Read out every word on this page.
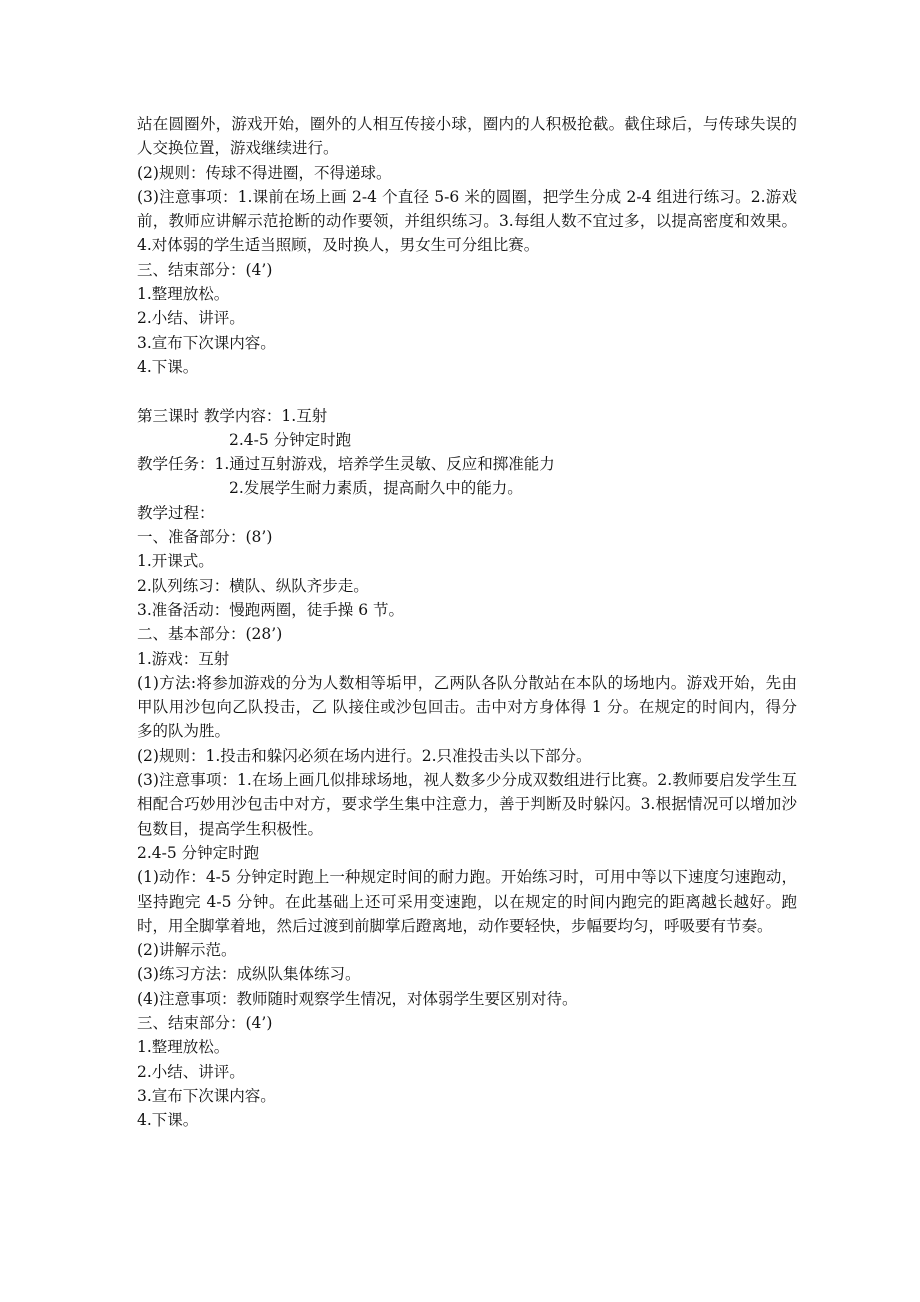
站在圆圈外，游戏开始，圈外的人相互传接小球，圈内的人积极抢截。截住球后，与传球失误的人交换位置，游戏继续进行。

(2)规则：传球不得进圈，不得递球。

(3)注意事项：1.课前在场上画 2-4 个直径 5-6 米的圆圈，把学生分成 2-4 组进行练习。2.游戏前，教师应讲解示范抢断的动作要领，并组织练习。3.每组人数不宜过多，以提高密度和效果。4.对体弱的学生适当照顾，及时换人，男女生可分组比赛。

三、结束部分：(4’)

1.整理放松。

2.小结、讲评。

3.宣布下次课内容。

4.下课。

第三课时 教学内容：1.互射

2.4-5 分钟定时跑

教学任务：1.通过互射游戏，培养学生灵敏、反应和掷准能力

2.发展学生耐力素质，提高耐久中的能力。

教学过程：

一、准备部分：(8’)

1.开课式。

2.队列练习：横队、纵队齐步走。

3.准备活动：慢跑两圈，徒手操 6 节。

二、基本部分：(28’)

1.游戏：互射

(1)方法:将参加游戏的分为人数相等垢甲，乙两队各队分散站在本队的场地内。游戏开始，先由甲队用沙包向乙队投击，乙 队接住或沙包回击。击中对方身体得 1 分。在规定的时间内，得分多的队为胜。

(2)规则：1.投击和躲闪必须在场内进行。2.只准投击头以下部分。

(3)注意事项：1.在场上画几似排球场地，视人数多少分成双数组进行比赛。2.教师要启发学生互相配合巧妙用沙包击中对方，要求学生集中注意力，善于判断及时躲闪。3.根据情况可以增加沙包数目，提高学生积极性。

2.4-5 分钟定时跑

(1)动作：4-5 分钟定时跑上一种规定时间的耐力跑。开始练习时，可用中等以下速度匀速跑动，坚持跑完 4-5 分钟。在此基础上还可采用变速跑，以在规定的时间内跑完的距离越长越好。跑时，用全脚掌着地，然后过渡到前脚掌后蹬离地，动作要轻快，步幅要均匀，呼吸要有节奏。

(2)讲解示范。

(3)练习方法：成纵队集体练习。

(4)注意事项：教师随时观察学生情况，对体弱学生要区别对待。

三、结束部分：(4’)

1.整理放松。

2.小结、讲评。

3.宣布下次课内容。

4.下课。
